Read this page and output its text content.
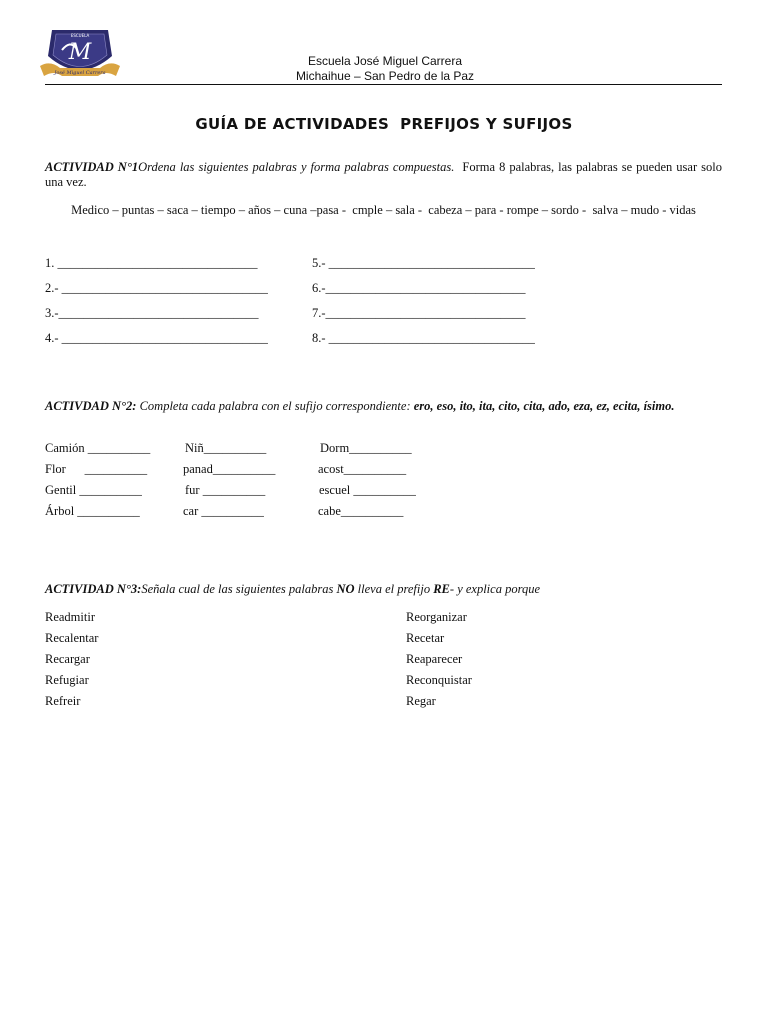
ESCUELA
M
José Miguel Carrera
Escuela José Miguel Carrera
Michaihue – San Pedro de la Paz
GUÍA DE ACTIVIDADES  PREFIJOS Y SUFIJOS
ACTIVIDAD N°1Ordena las siguientes palabras y forma palabras compuestas.  Forma 8 palabras, las palabras se pueden usar solo una vez.
Medico – puntas – saca – tiempo – años – cuna –pasa -  cmple – sala -  cabeza – para - rompe – sordo -  salva – mudo - vidas
1. ________________________________
2.- _________________________________
3.-________________________________
4.- _________________________________
5.- _________________________________
6.-________________________________
7.-________________________________
8.- _________________________________
ACTIVDAD N°2: Completa cada palabra con el sufijo correspondiente: ero, eso, ito, ita, cito, cita, ado, eza, ez, ecita, ísimo.
Camión __________
Flor      __________
Gentil __________
Árbol __________
Niñ__________
panad__________
fur __________
car __________
Dorm__________
acost__________
escuel __________
cabe__________
ACTIVIDAD N°3:Señala cual de las siguientes palabras NO lleva el prefijo RE- y explica porque
Readmitir
Recalentar
Recargar
Refugiar
Refreir
Reorganizar
Recetar
Reaparecer
Reconquistar
Regar
